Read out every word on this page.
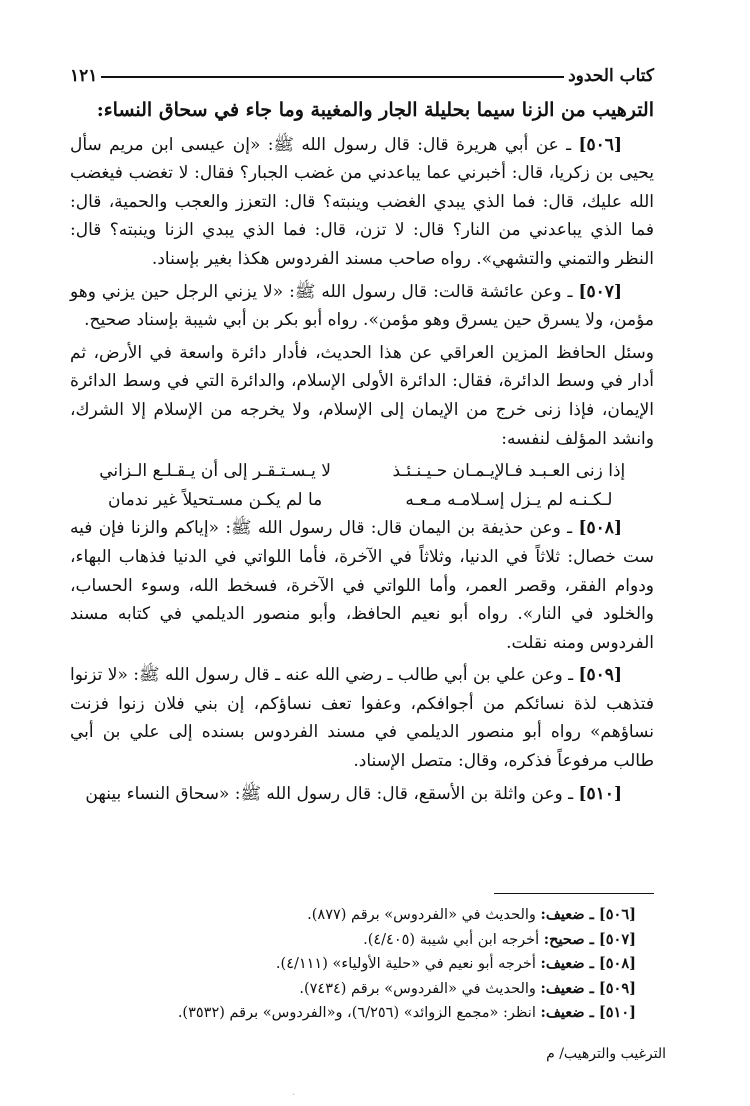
كتاب الحدود
١٢١
الترهيب من الزنا سيما بحليلة الجار والمغيبة وما جاء في سحاق النساء:

[٥٠٦] ـ عن أبي هريرة قال: قال رسول الله ﷺ: «إن عيسى ابن مريم سأل يحيى بن زكريا، قال: أخبرني عما يباعدني من غضب الجبار؟ فقال: لا تغضب فيغضب الله عليك، قال: فما الذي يبدي الغضب وينبته؟ قال: التعزز والعجب والحمية، قال: فما الذي يباعدني من النار؟ قال: لا تزن، قال: فما الذي يبدي الزنا وينبته؟ قال: النظر والتمني والتشهي». رواه صاحب مسند الفردوس هكذا بغير بإسناد.

[٥٠٧] ـ وعن عائشة قالت: قال رسول الله ﷺ: «لا يزني الرجل حين يزني وهو مؤمن، ولا يسرق حين يسرق وهو مؤمن». رواه أبو بكر بن أبي شيبة بإسناد صحيح.

وسئل الحافظ المزين العراقي عن هذا الحديث، فأدار دائرة واسعة في الأرض، ثم أدار في وسط الدائرة، فقال: الدائرة الأولى الإسلام، والدائرة التي في وسط الدائرة الإيمان، فإذا زنى خرج من الإيمان إلى الإسلام، ولا يخرجه من الإسلام إلا الشرك، وانشد المؤلف لنفسه:

إذا زنى العـبـد فـالإيـمـان حـيـنـئـذ
لا يـسـتـقـر إلى أن يـقـلـع الـزاني
لـكـنـه لم يـزل إسـلامـه مـعـه
ما لم يكـن مسـتحيلاً غير ندمان

[٥٠٨] ـ وعن حذيفة بن اليمان قال: قال رسول الله ﷺ: «إياكم والزنا فإن فيه ست خصال: ثلاثاً في الدنيا، وثلاثاً في الآخرة، فأما اللواتي في الدنيا فذهاب البهاء، ودوام الفقر، وقصر العمر، وأما اللواتي في الآخرة، فسخط الله، وسوء الحساب، والخلود في النار». رواه أبو نعيم الحافظ، وأبو منصور الديلمي في كتابه مسند الفردوس ومنه نقلت.

[٥٠٩] ـ وعن علي بن أبي طالب ـ رضي الله عنه ـ قال رسول الله ﷺ: «لا تزنوا فتذهب لذة نسائكم من أجوافكم، وعفوا تعف نساؤكم، إن بني فلان زنوا فزنت نساؤهم» رواه أبو منصور الديلمي في مسند الفردوس بسنده إلى علي بن أبي طالب مرفوعاً فذكره، وقال: متصل الإسناد.

[٥١٠] ـ وعن واثلة بن الأسقع، قال: قال رسول الله ﷺ: «سحاق النساء بينهن

[٥٠٦] ـ ضعيف: والحديث في «الفردوس» برقم (٨٧٧).
[٥٠٧] ـ صحيح: أخرجه ابن أبي شيبة (٤/٤٠٥).
[٥٠٨] ـ ضعيف: أخرجه أبو نعيم في «حلية الأولياء» (٤/١١١).
[٥٠٩] ـ ضعيف: والحديث في «الفردوس» برقم (٧٤٣٤).
[٥١٠] ـ ضعيف: انظر: «مجمع الزوائد» (٦/٢٥٦)، و«الفردوس» برقم (٣٥٣٢).
الترغيب والترهيب/ م
·
